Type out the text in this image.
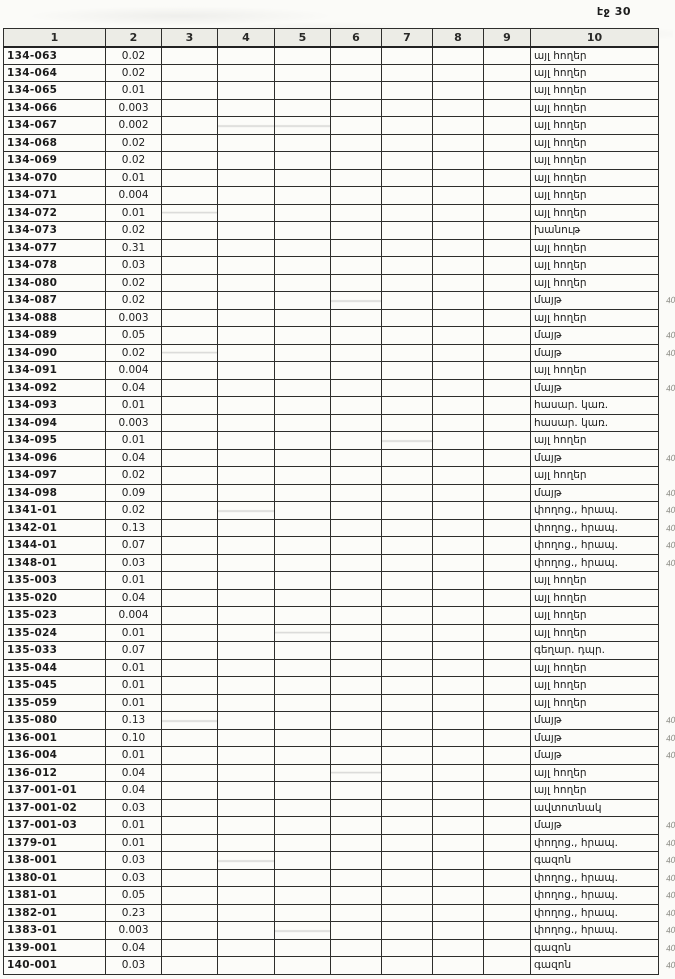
էջ 30
1	2	3	4	5	6	7	8	9	10
134-063	0.02								այլ հողեր
134-064	0.02								այլ հողեր
134-065	0.01								այլ հողեր
134-066	0.003								այլ հողեր
134-067	0.002								այլ հողեր
134-068	0.02								այլ հողեր
134-069	0.02								այլ հողեր
134-070	0.01								այլ հողեր
134-071	0.004								այլ հողեր
134-072	0.01								այլ հողեր
134-073	0.02								խանութ
134-077	0.31								այլ հողեր
134-078	0.03								այլ հողեր
134-080	0.02								այլ հողեր
134-087	0.02								մայթ 40

134-088	0.003								այլ հողեր
134-089	0.05								մայթ 40

134-090	0.02								մայթ 40

134-091	0.004								այլ հողեր
134-092	0.04								մայթ 40

134-093	0.01								հասար. կառ.
134-094	0.003								հասար. կառ.
134-095	0.01								այլ հողեր
134-096	0.04								մայթ 40

134-097	0.02								այլ հողեր
134-098	0.09								մայթ 40

1341-01	0.02								փողոց., հրապ. 40

1342-01	0.13								փողոց., հրապ. 40

1344-01	0.07								փողոց., հրապ. 40

1348-01	0.03								փողոց., հրապ. 40

135-003	0.01								այլ հողեր
135-020	0.04								այլ հողեր
135-023	0.004								այլ հողեր
135-024	0.01								այլ հողեր
135-033	0.07								գեղար. դպր.
135-044	0.01								այլ հողեր
135-045	0.01								այլ հողեր
135-059	0.01								այլ հողեր
135-080	0.13								մայթ 40

136-001	0.10								մայթ 40

136-004	0.01								մայթ 40

136-012	0.04								այլ հողեր
137-001-01	0.04								այլ հողեր
137-001-02	0.03								ավտոտնակ
137-001-03	0.01								մայթ 40

1379-01	0.01								փողոց., հրապ. 40

138-001	0.03								գազոն 40

1380-01	0.03								փողոց., հրապ. 40

1381-01	0.05								փողոց., հրապ. 40

1382-01	0.23								փողոց., հրապ. 40

1383-01	0.003								փողոց., հրապ. 40

139-001	0.04								գազոն 40

140-001	0.03								գազոն 40
